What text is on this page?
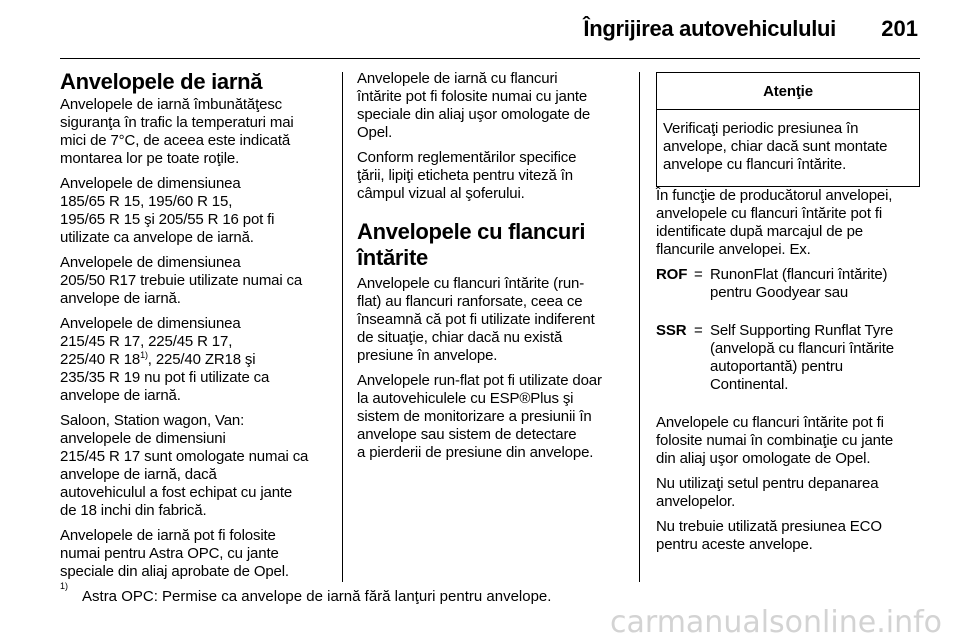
Îngrijirea autovehiculului 201
Anvelopele de iarnă

Anvelopele de iarnă îmbunătăţesc
siguranţa în trafic la temperaturi mai
mici de 7°C, de aceea este indicată
montarea lor pe toate roţile.

Anvelopele de dimensiunea
185/65 R 15, 195/60 R 15,
195/65 R 15 şi 205/55 R 16 pot fi
utilizate ca anvelope de iarnă.

Anvelopele de dimensiunea
205/50 R17 trebuie utilizate numai ca
anvelope de iarnă.

Anvelopele de dimensiunea
215/45 R 17, 225/45 R 17,
225/40 R 18$^{1)}$, 225/40 ZR18 şi
235/35 R 19 nu pot fi utilizate ca
anvelope de iarnă.

Saloon, Station wagon, Van:
anvelopele de dimensiuni
215/45 R 17 sunt omologate numai ca
anvelope de iarnă, dacă
autovehiculul a fost echipat cu jante
de 18 inchi din fabrică.

Anvelopele de iarnă pot fi folosite
numai pentru Astra OPC, cu jante
speciale din aliaj aprobate de Opel.

Anvelopele de iarnă cu flancuri
întărite pot fi folosite numai cu jante
speciale din aliaj uşor omologate de
Opel.

Conform reglementărilor specifice
ţării, lipiţi eticheta pentru viteză în
câmpul vizual al şoferului.

Anvelopele cu flancuri
întărite

Anvelopele cu flancuri întărite (run-
flat) au flancuri ranforsate, ceea ce
înseamnă că pot fi utilizate indiferent
de situaţie, chiar dacă nu există
presiune în anvelope.

Anvelopele run-flat pot fi utilizate doar
la autovehiculele cu ESP®Plus şi
sistem de monitorizare a presiunii în
anvelope sau sistem de detectare
a pierderii de presiune din anvelope.

Atenţie
Verificaţi periodic presiunea în
anvelope, chiar dacă sunt montate
anvelope cu flancuri întărite.

În funcţie de producătorul anvelopei,
anvelopele cu flancuri întărite pot fi
identificate după marcajul de pe
flancurile anvelopei. Ex.

ROF = RunonFlat (flancuri întărite)
pentru Goodyear sau
SSR = Self Supporting Runflat Tyre
(anvelopă cu flancuri întărite
autoportantă) pentru
Continental.

Anvelopele cu flancuri întărite pot fi
folosite numai în combinaţie cu jante
din aliaj uşor omologate de Opel.

Nu utilizaţi setul pentru depanarea
anvelopelor.

Nu trebuie utilizată presiunea ECO
pentru aceste anvelope.

$^{1)}$Astra OPC: Permise ca anvelope de iarnă fără lanţuri pentru anvelope.
carmanualsonline.info
